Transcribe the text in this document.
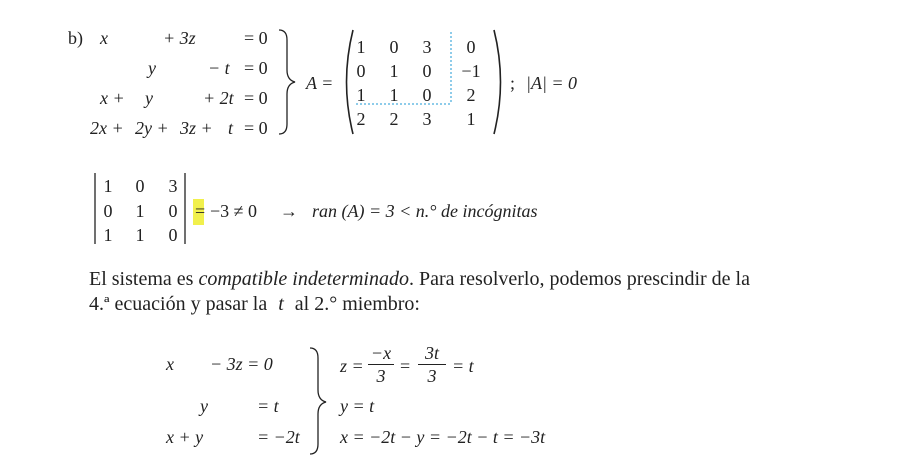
b) x	+ 3z	= 0
y	− t = 0
x + y	+ 2t = 0
2x + 2y + 3z + t = 0
A =
1	0	3	0
0	1	0	−1
1	1	0	2
2	2	3	1
; |A| = 0
1	0	3
0	1	0
1	1	0
= −3 ≠ 0 → ran (A) = 3 < n.° de incógnitas
El sistema es compatible indeterminado. Para resolverlo, podemos prescindir de la
4.ª ecuación y pasar la t al 2.° miembro:
x − 3z = 0
y	= t
x + y	= −2t
z =
−x
3 =
3t
3 = t
y = t
x = −2t − y = −2t − t = −3t
